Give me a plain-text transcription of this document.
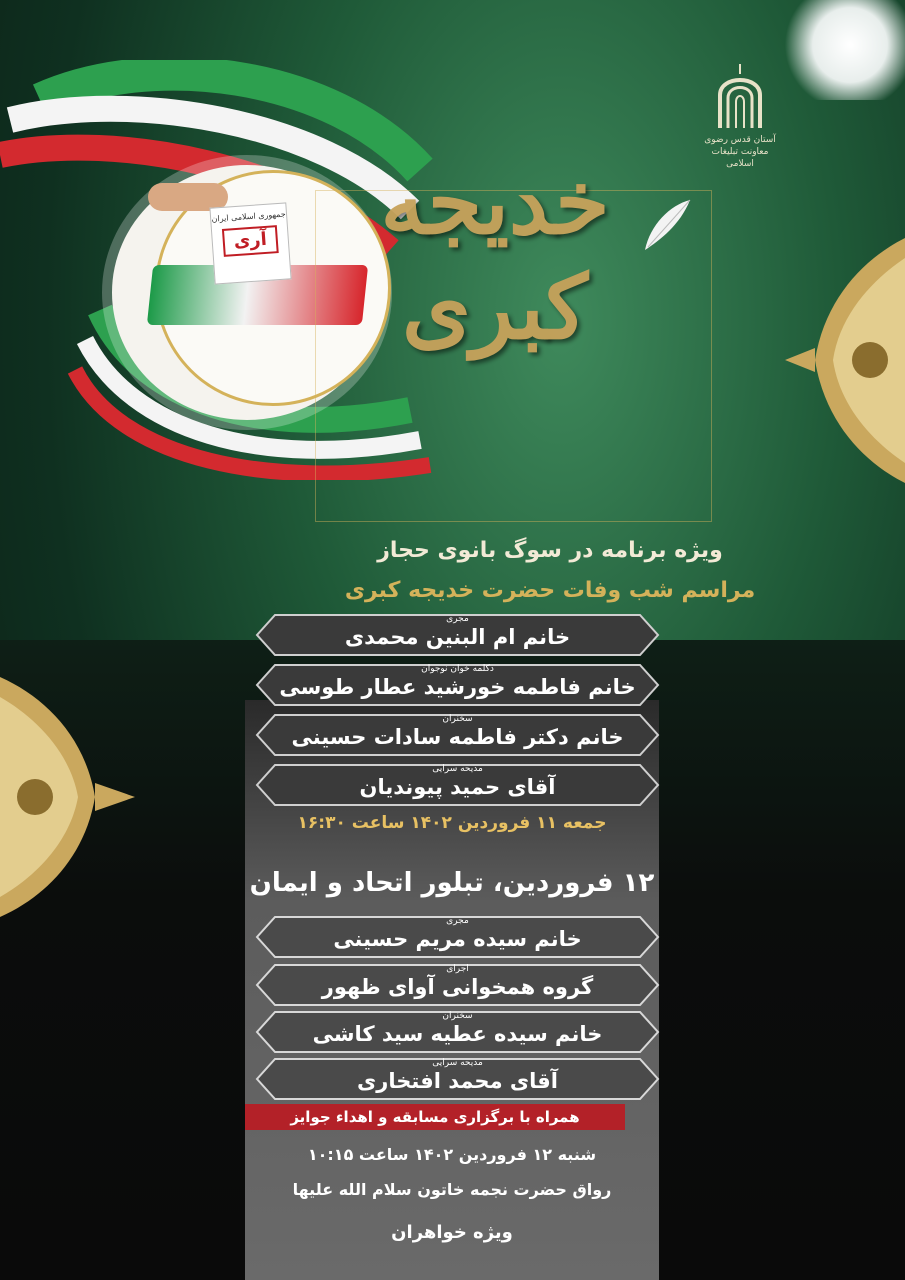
جمهوری اسلامی ایران
آری	خدیجه کبری
آستان قدس رضوی
معاونت تبلیغات اسلامی
ویژه برنامه در سوگ بانوی حجاز
مراسم شب وفات حضرت خدیجه کبری
مجری
خانم ام البنین محمدی
دکلمه خوان نوجوان
خانم فاطمه خورشید عطار طوسی
سخنران
خانم دکتر فاطمه سادات حسینی
مدیحه سرایی
آقای حمید پیوندیان
جمعه ۱۱ فروردین ۱۴۰۲ ساعت ۱۶:۳۰
۱۲ فروردین، تبلور اتحاد و ایمان
مجری
خانم سیده مریم حسینی
اجرای
گروه همخوانی آوای ظهور
سخنران
خانم سیده عطیه سید کاشی
مدیحه سرایی
آقای محمد افتخاری
همراه با برگزاری مسابقه و اهداء جوایز
شنبه ۱۲ فروردین ۱۴۰۲ ساعت ۱۰:۱۵
رواق حضرت نجمه خاتون سلام الله علیها
ویژه خواهران
